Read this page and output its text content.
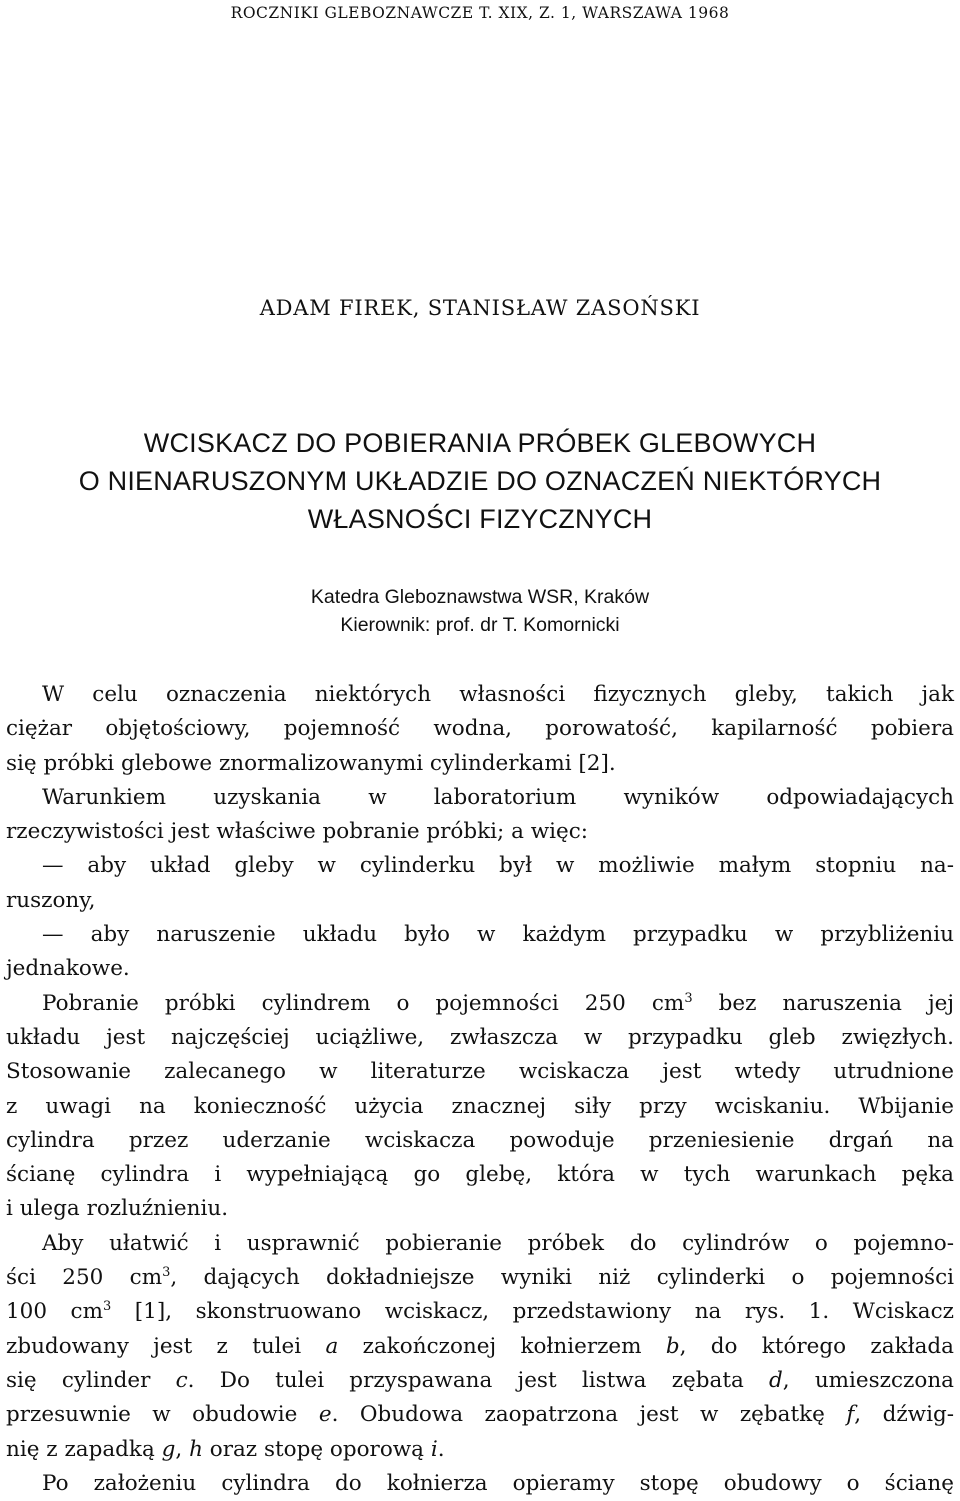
ROCZNIKI GLEBOZNAWCZE T. XIX, Z. 1, WARSZAWA 1968
ADAM FIREK, STANISŁAW ZASOŃSKI
WCISKACZ DO POBIERANIA PRÓBEK GLEBOWYCH
O NIENARUSZONYM UKŁADZIE DO OZNACZEŃ NIEKTÓRYCH
WŁASNOŚCI FIZYCZNYCH
Katedra Gleboznawstwa WSR, Kraków
Kierownik: prof. dr T. Komornicki
W celu oznaczenia niektórych własności fizycznych gleby, takich jak
ciężar objętościowy, pojemność wodna, porowatość, kapilarność pobiera
się próbki glebowe znormalizowanymi cylinderkami [2].
Warunkiem uzyskania w laboratorium wyników odpowiadających
rzeczywistości jest właściwe pobranie próbki; a więc:
— aby układ gleby w cylinderku był w możliwie małym stopniu na-
ruszony,
— aby naruszenie układu było w każdym przypadku w przybliżeniu
jednakowe.
Pobranie próbki cylindrem o pojemności 250 $cm^3$ bez naruszenia jej
układu jest najczęściej uciążliwe, zwłaszcza w przypadku gleb zwięzłych.
Stosowanie zalecanego w literaturze wciskacza jest wtedy utrudnione
z uwagi na konieczność użycia znacznej siły przy wciskaniu. Wbijanie
cylindra przez uderzanie wciskacza powoduje przeniesienie drgań na
ścianę cylindra i wypełniającą go glebę, która w tych warunkach pęka
i ulega rozluźnieniu.
Aby ułatwić i usprawnić pobieranie próbek do cylindrów o pojemno-
ści 250 $cm^3$, dających dokładniejsze wyniki niż cylinderki o pojemności
100 $cm^3$ [1], skonstruowano wciskacz, przedstawiony na rys. 1. Wciskacz
zbudowany jest z tulei a zakończonej kołnierzem b, do którego zakłada
się cylinder c. Do tulei przyspawana jest listwa zębata d, umieszczona
przesuwnie w obudowie e. Obudowa zaopatrzona jest w zębatkę f, dźwig-
nię z zapadką g, h oraz stopę oporową i.
Po założeniu cylindra do kołnierza opieramy stopę obudowy o ścianę
